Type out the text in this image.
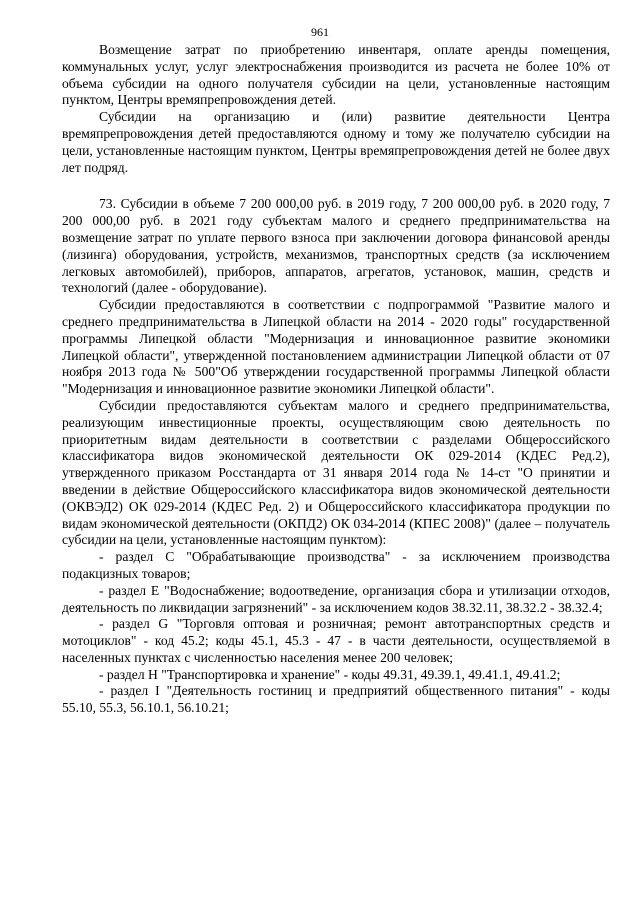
961

Возмещение затрат по приобретению инвентаря, оплате аренды помещения, коммунальных услуг, услуг электроснабжения производится из расчета не более 10% от объема субсидии на одного получателя субсидии на цели, установленные настоящим пунктом, Центры времяпрепровождения детей.

Субсидии на организацию и (или) развитие деятельности Центра времяпрепровождения детей предоставляются одному и тому же получателю субсидии на цели, установленные настоящим пунктом, Центры времяпрепровождения детей не более двух лет подряд.

73. Субсидии в объеме 7 200 000,00 руб. в 2019 году, 7 200 000,00 руб. в 2020 году, 7 200 000,00 руб. в 2021 году субъектам малого и среднего предпринимательства на возмещение затрат по уплате первого взноса при заключении договора финансовой аренды (лизинга) оборудования, устройств, механизмов, транспортных средств (за исключением легковых автомобилей), приборов, аппаратов, агрегатов, установок, машин, средств и технологий (далее - оборудование).

Субсидии предоставляются в соответствии с подпрограммой "Развитие малого и среднего предпринимательства в Липецкой области на 2014 - 2020 годы" государственной программы Липецкой области "Модернизация и инновационное развитие экономики Липецкой области", утвержденной постановлением администрации Липецкой области от 07 ноября 2013 года № 500"Об утверждении государственной программы Липецкой области "Модернизация и инновационное развитие экономики Липецкой области".

Субсидии предоставляются субъектам малого и среднего предпринимательства, реализующим инвестиционные проекты, осуществляющим свою деятельность по приоритетным видам деятельности в соответствии с разделами Общероссийского классификатора видов экономической деятельности ОК 029-2014 (КДЕС Ред.2), утвержденного приказом Росстандарта от 31 января 2014 года № 14-ст "О принятии и введении в действие Общероссийского классификатора видов экономической деятельности (ОКВЭД2) ОК 029-2014 (КДЕС Ред. 2) и Общероссийского классификатора продукции по видам экономической деятельности (ОКПД2) ОК 034-2014 (КПЕС 2008)" (далее – получатель субсидии на цели, установленные настоящим пунктом):

- раздел С "Обрабатывающие производства" - за исключением производства подакцизных товаров;

- раздел Е "Водоснабжение; водоотведение, организация сбора и утилизации отходов, деятельность по ликвидации загрязнений" - за исключением кодов 38.32.11, 38.32.2 - 38.32.4;

- раздел G "Торговля оптовая и розничная; ремонт автотранспортных средств и мотоциклов" - код 45.2; коды 45.1, 45.3 - 47 - в части деятельности, осуществляемой в населенных пунктах с численностью населения менее 200 человек;

- раздел Н "Транспортировка и хранение" - коды 49.31, 49.39.1, 49.41.1, 49.41.2;

- раздел I "Деятельность гостиниц и предприятий общественного питания" - коды 55.10, 55.3, 56.10.1, 56.10.21;
